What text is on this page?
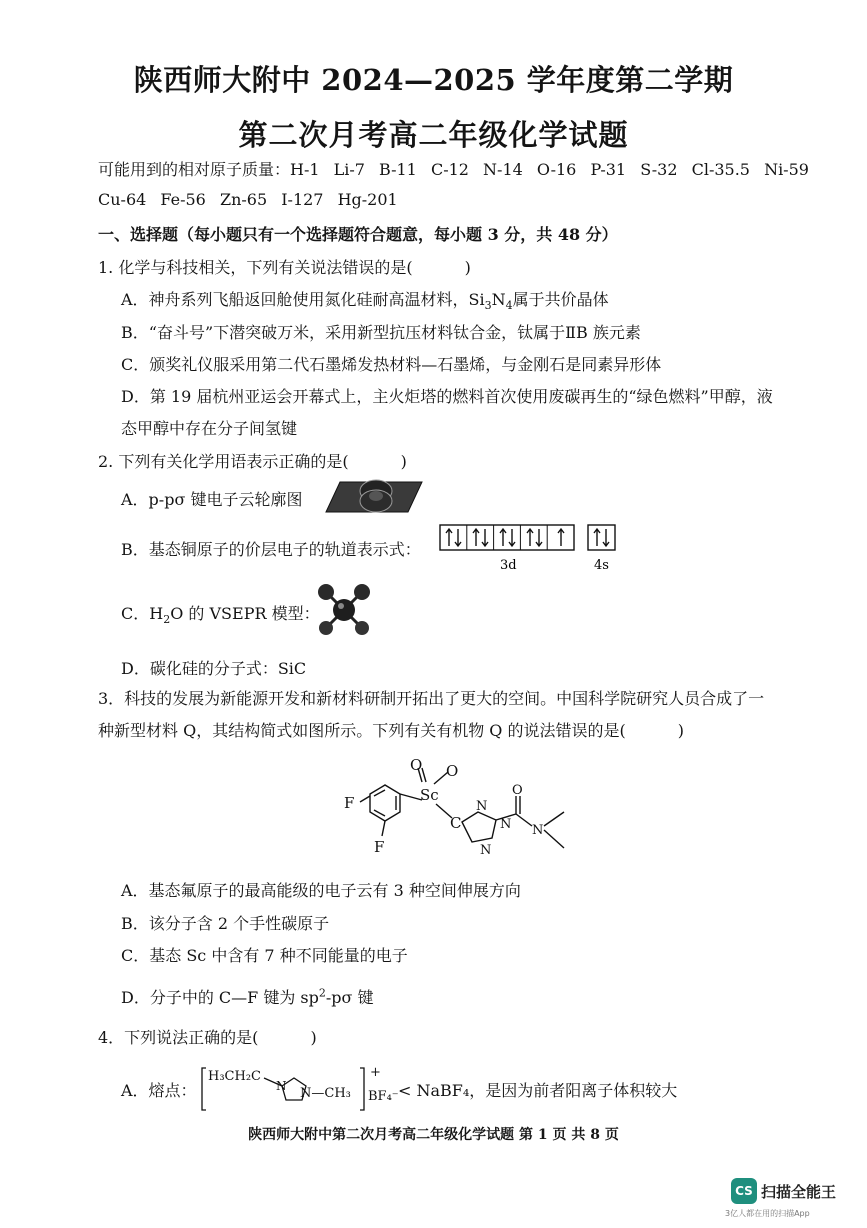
陕西师大附中 2024—2025 学年度第二学期
第二次月考高二年级化学试题
可能用到的相对原子质量：H-1 Li-7 B-11 C-12 N-14 O-16 P-31 S-32 Cl-35.5 Ni-59
Cu-64 Fe-56 Zn-65 I-127 Hg-201
一、选择题（每小题只有一个选择题符合题意，每小题 3 分，共 48 分）
1. 化学与科技相关，下列有关说法错误的是(	)
A．神舟系列飞船返回舱使用氮化硅耐高温材料，$Si_3N_4$属于共价晶体
B．“奋斗号”下潜突破万米，采用新型抗压材料钛合金，钛属于ⅡB 族元素
C．颁奖礼仪服采用第二代石墨烯发热材料—石墨烯，与金刚石是同素异形体
D．第 19 届杭州亚运会开幕式上，主火炬塔的燃料首次使用废碳再生的“绿色燃料”甲醇，液
态甲醇中存在分子间氢键
2. 下列有关化学用语表示正确的是(	)
A．p-pσ 键电子云轮廓图
B．基态铜原子的价层电子的轨道表示式：
3d	4s
C．$H_2O$ 的 VSEPR 模型：
D．碳化硅的分子式：SiC
3．科技的发展为新能源开发和新材料研制开拓出了更大的空间。中国科学院研究人员合成了一
种新型材料 Q，其结构简式如图所示。下列有关有机物 Q 的说法错误的是(	)
Sc
O O
F
F
C
N
N
N
O
N
A．基态氟原子的最高能级的电子云有 3 种空间伸展方向
B．该分子含 2 个手性碳原子
C．基态 Sc 中含有 7 种不同能量的电子
D．分子中的 C—F 键为 $sp^2-p\sigma$ 键
4．下列说法正确的是(	)
A．熔点：
H₃CH₂C
N N—CH₃ BF₄⁻
+
< NaBF₄，是因为前者阳离子体积较大
陕西师大附中第二次月考高二年级化学试题 第 1 页 共 8 页
CS 扫描全能王
3亿人都在用的扫描App
